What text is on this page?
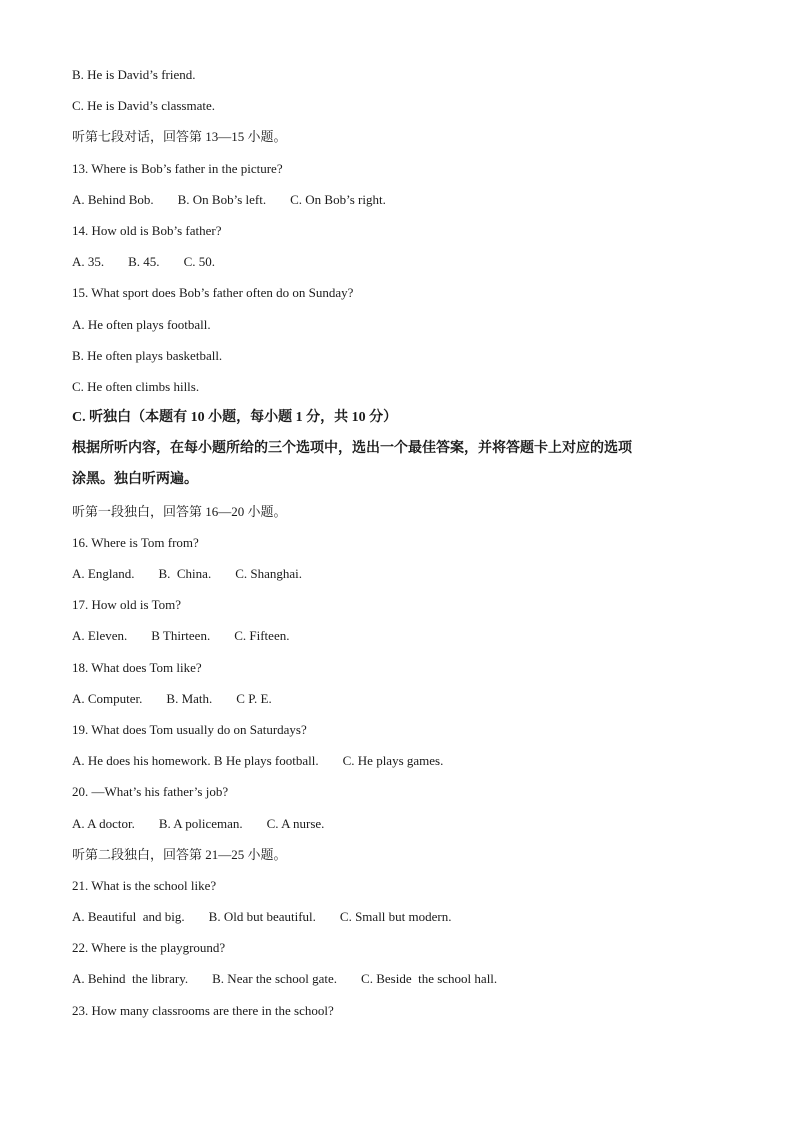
B. He is David’s friend.
C. He is David’s classmate.
听第七段对话，回答第 13—15 小题。
13. Where is Bob’s father in the picture?
A. Behind Bob. B. On Bob’s left. C. On Bob’s right.
14. How old is Bob’s father?
A. 35. B. 45. C. 50.
15. What sport does Bob’s father often do on Sunday?
A. He often plays football.
B. He often plays basketball.
C. He often climbs hills.
C. 听独白（本题有 10 小题，每小题 1 分，共 10 分）
根据所听内容，在每小题所给的三个选项中，选出一个最佳答案，并将答题卡上对应的选项
涂黑。独白听两遍。
听第一段独白，回答第 16—20 小题。
16. Where is Tom from?
A. England. B.  China. C. Shanghai.
17. How old is Tom?
A. Eleven. B Thirteen. C. Fifteen.
18. What does Tom like?
A. Computer. B. Math. C P. E.
19. What does Tom usually do on Saturdays?
A. He does his homework. B He plays football. C. He plays games.
20. —What’s his father’s job?
A. A doctor. B. A policeman. C. A nurse.
听第二段独白，回答第 21—25 小题。
21. What is the school like?
A. Beautiful  and big. B. Old but beautiful. C. Small but modern.
22. Where is the playground?
A. Behind  the library. B. Near the school gate. C. Beside  the school hall.
23. How many classrooms are there in the school?
